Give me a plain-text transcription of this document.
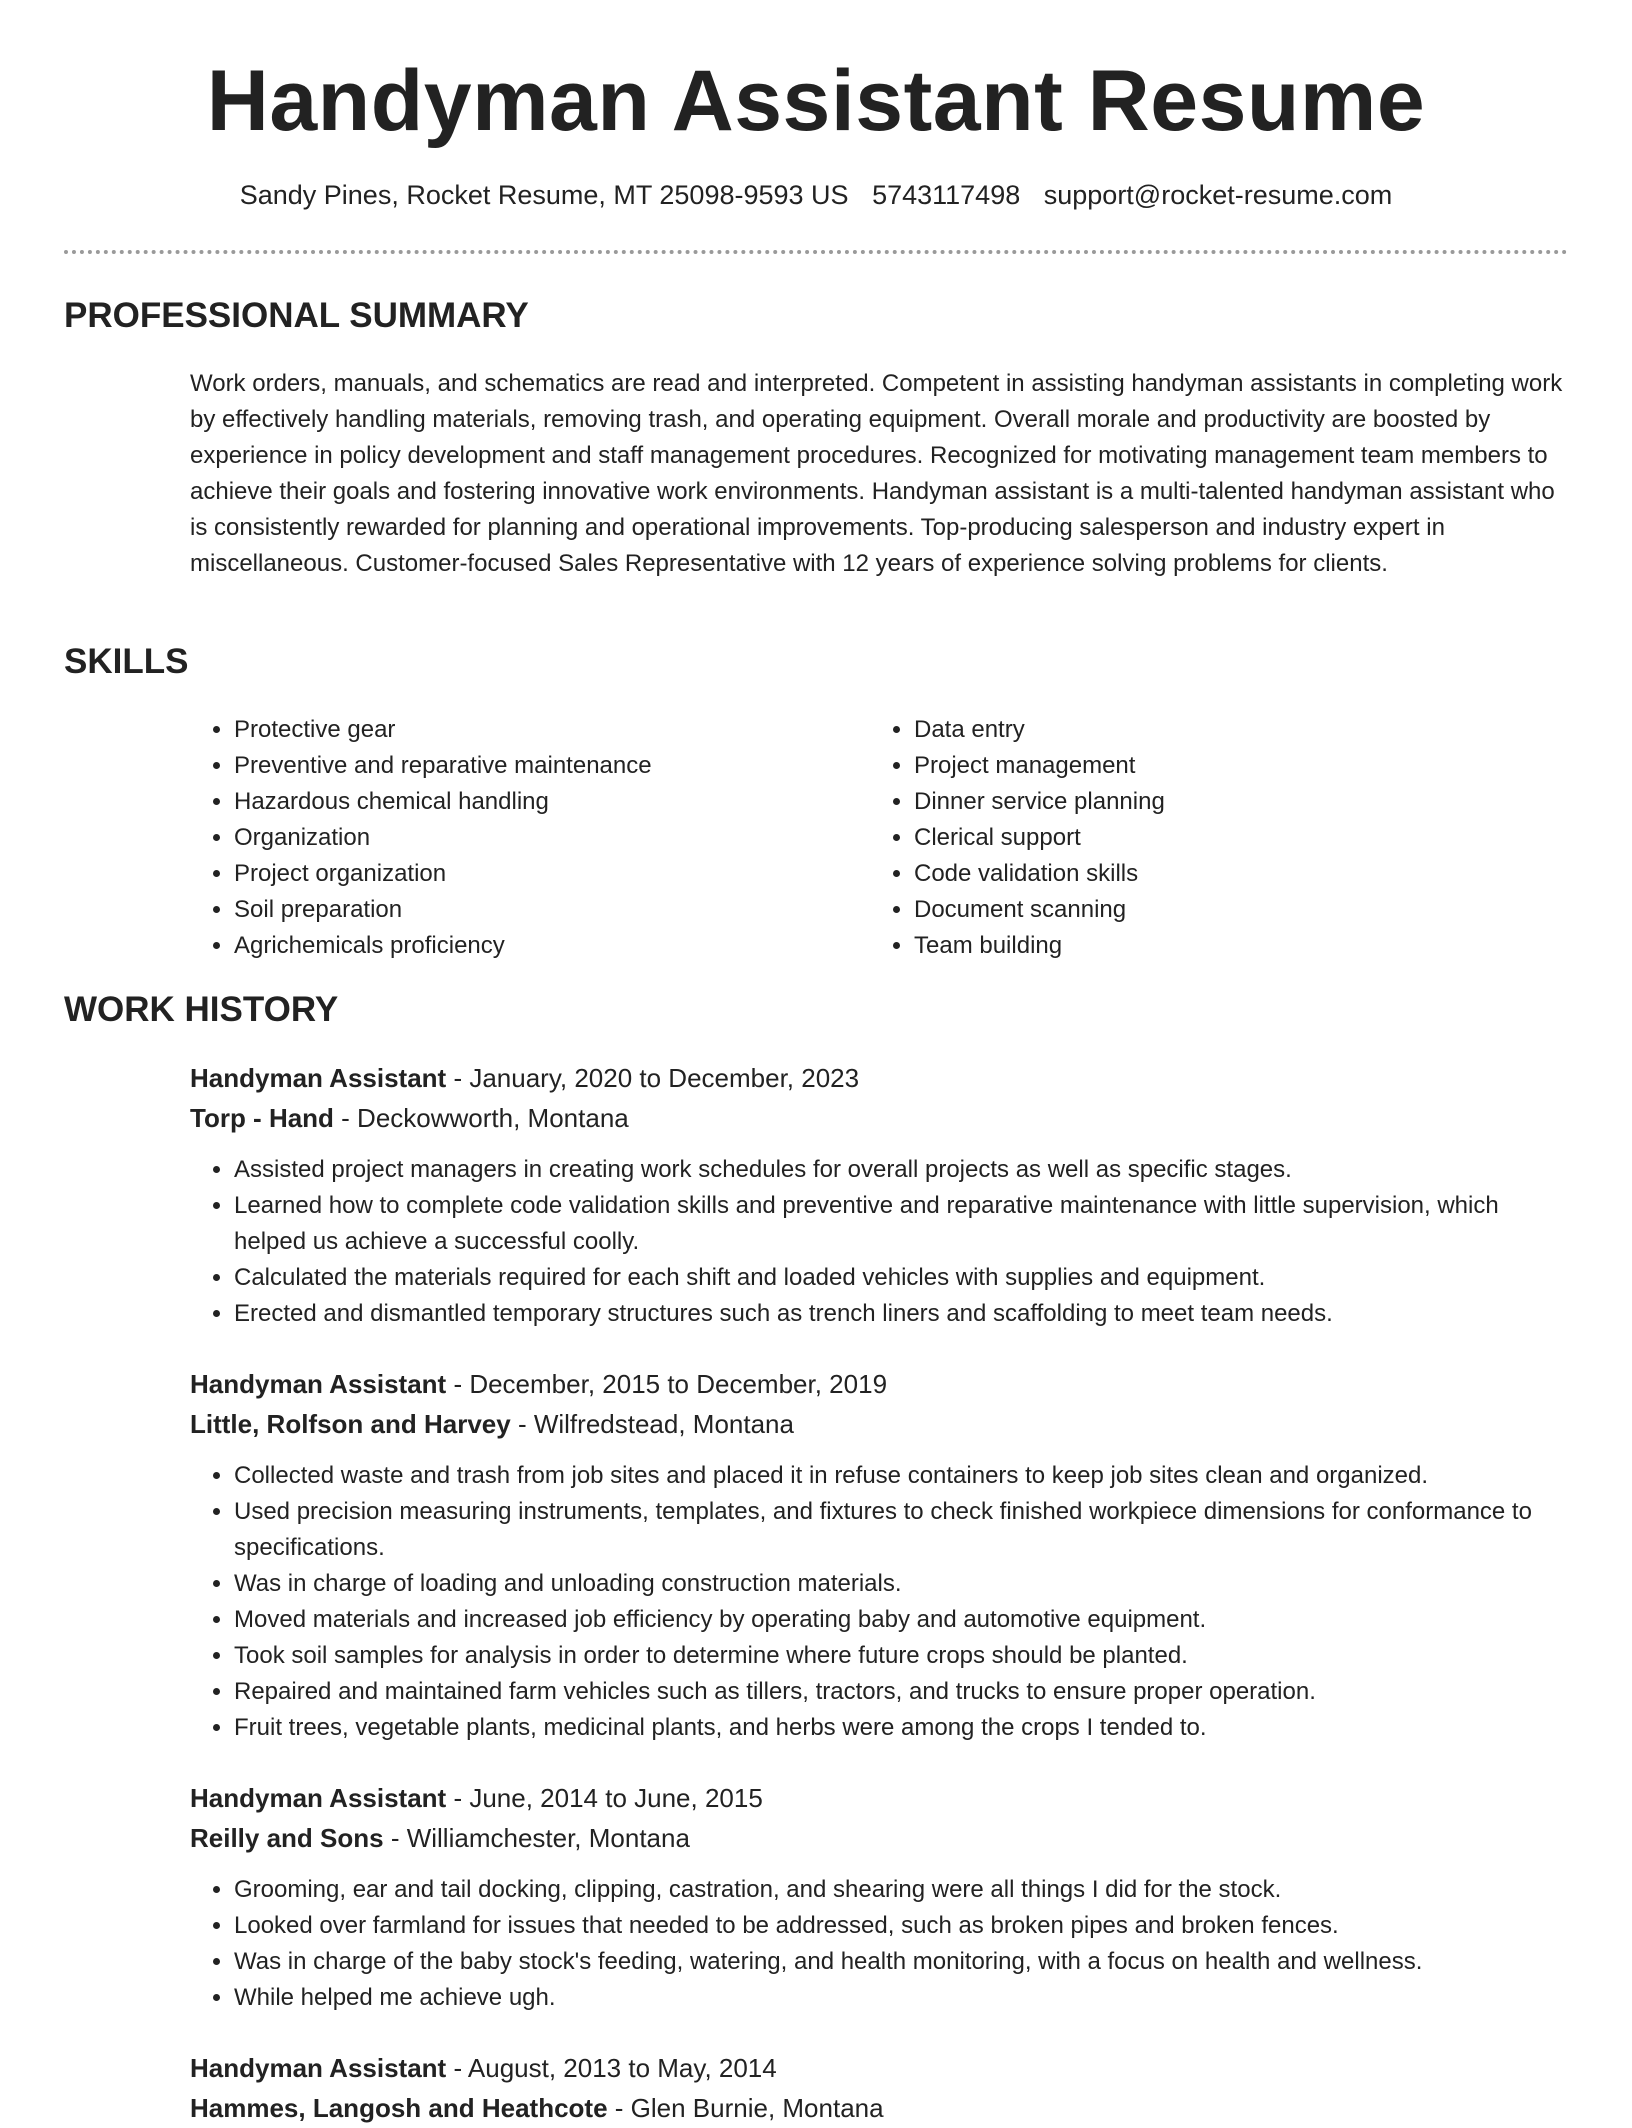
Handyman Assistant Resume
Sandy Pines, Rocket Resume, MT 25098-9593 US 5743117498 support@rocket-resume.com
PROFESSIONAL SUMMARY
Work orders, manuals, and schematics are read and interpreted. Competent in assisting handyman assistants in completing work by effectively handling materials, removing trash, and operating equipment. Overall morale and productivity are boosted by experience in policy development and staff management procedures. Recognized for motivating management team members to achieve their goals and fostering innovative work environments. Handyman assistant is a multi-talented handyman assistant who is consistently rewarded for planning and operational improvements. Top-producing salesperson and industry expert in miscellaneous. Customer-focused Sales Representative with 12 years of experience solving problems for clients.
SKILLS
• Protective gear
• Preventive and reparative maintenance
• Hazardous chemical handling
• Organization
• Project organization
• Soil preparation
• Agrichemicals proficiency
• Data entry
• Project management
• Dinner service planning
• Clerical support
• Code validation skills
• Document scanning
• Team building
WORK HISTORY
Handyman Assistant - January, 2020 to December, 2023
Torp - Hand - Deckowworth, Montana
• Assisted project managers in creating work schedules for overall projects as well as specific stages.
• Learned how to complete code validation skills and preventive and reparative maintenance with little supervision, which helped us achieve a successful coolly.
• Calculated the materials required for each shift and loaded vehicles with supplies and equipment.
• Erected and dismantled temporary structures such as trench liners and scaffolding to meet team needs.
Handyman Assistant - December, 2015 to December, 2019
Little, Rolfson and Harvey - Wilfredstead, Montana
• Collected waste and trash from job sites and placed it in refuse containers to keep job sites clean and organized.
• Used precision measuring instruments, templates, and fixtures to check finished workpiece dimensions for conformance to specifications.
• Was in charge of loading and unloading construction materials.
• Moved materials and increased job efficiency by operating baby and automotive equipment.
• Took soil samples for analysis in order to determine where future crops should be planted.
• Repaired and maintained farm vehicles such as tillers, tractors, and trucks to ensure proper operation.
• Fruit trees, vegetable plants, medicinal plants, and herbs were among the crops I tended to.
Handyman Assistant - June, 2014 to June, 2015
Reilly and Sons - Williamchester, Montana
• Grooming, ear and tail docking, clipping, castration, and shearing were all things I did for the stock.
• Looked over farmland for issues that needed to be addressed, such as broken pipes and broken fences.
• Was in charge of the baby stock's feeding, watering, and health monitoring, with a focus on health and wellness.
• While helped me achieve ugh.
Handyman Assistant - August, 2013 to May, 2014
Hammes, Langosh and Heathcote - Glen Burnie, Montana
